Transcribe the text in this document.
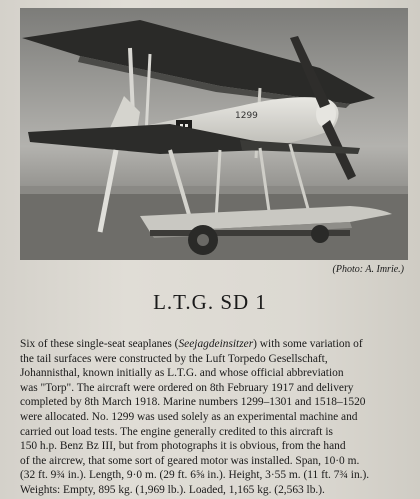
1299
(Photo: A. Imrie.)
L.T.G. SD 1
Six of these single-seat seaplanes (Seejagdeinsitzer) with some variation of
the tail surfaces were constructed by the Luft Torpedo Gesellschaft,
Johannisthal, known initially as L.T.G. and whose official abbreviation
was "Torp". The aircraft were ordered on 8th February 1917 and delivery
completed by 8th March 1918. Marine numbers 1299–1301 and 1518–1520
were allocated. No. 1299 was used solely as an experimental machine and
carried out load tests. The engine generally credited to this aircraft is
150 h.p. Benz Bz III, but from photographs it is obvious, from the hand
of the aircrew, that some sort of geared motor was installed. Span, 10·0 m.
(32 ft. 9¾ in.). Length, 9·0 m. (29 ft. 6⅝ in.). Height, 3·55 m. (11 ft. 7¾ in.).
Weights: Empty, 895 kg. (1,969 lb.). Loaded, 1,165 kg. (2,563 lb.).
